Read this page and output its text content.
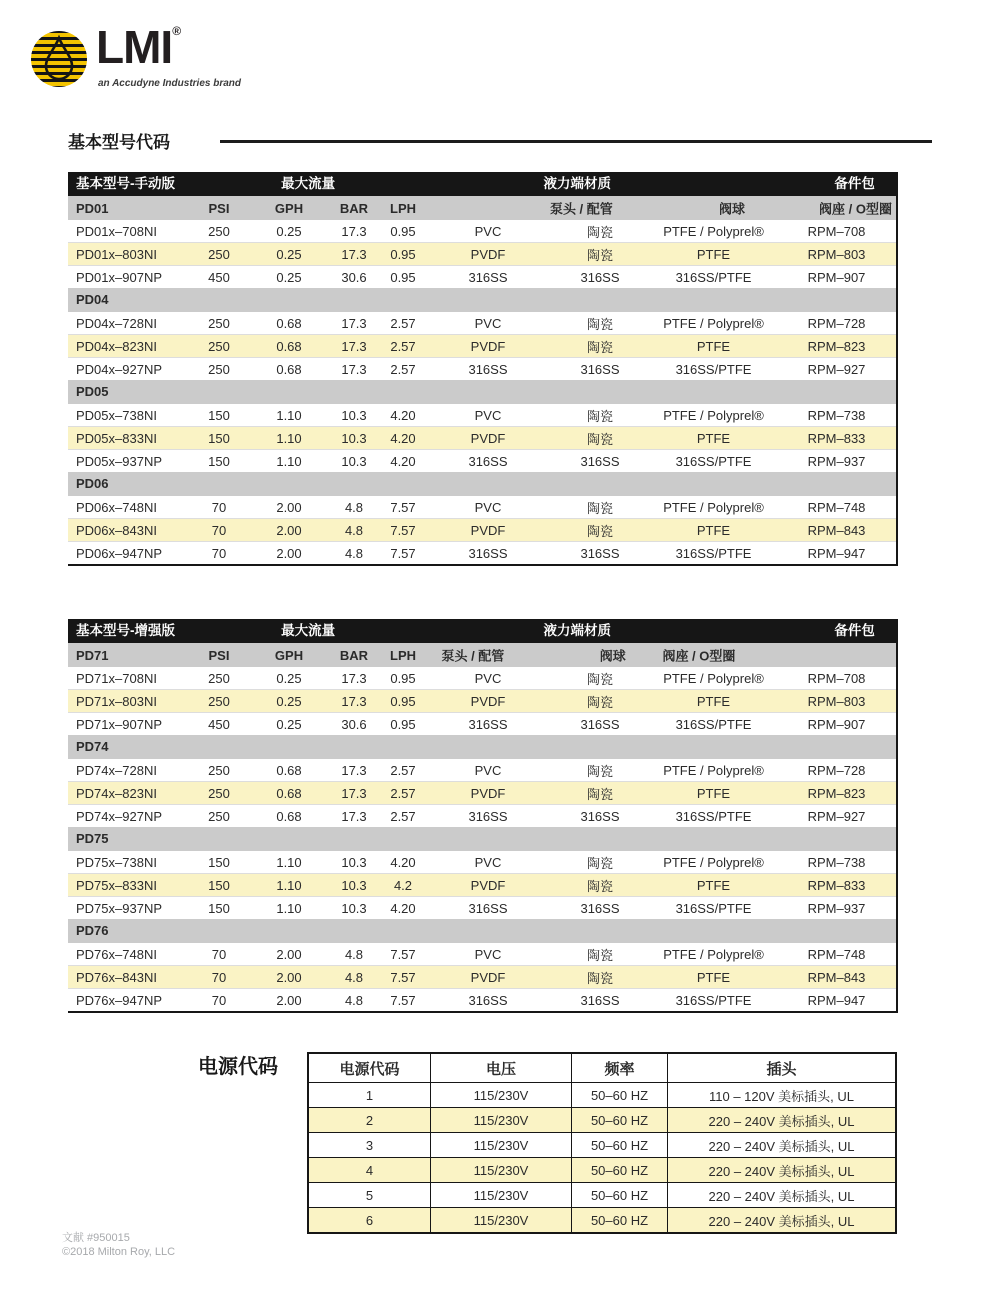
LMI®
an Accudyne Industries brand
基本型号代码
基本型号-手动版	最大流量	液力端材质	备件包
PD01	PSI	GPH	BAR	LPH	泵头 / 配管	阀球	阀座 / O型圈
PD01x–708NI	250	0.25	17.3	0.95	PVC	陶瓷	PTFE / Polyprel®	RPM–708
PD01x–803NI	250	0.25	17.3	0.95	PVDF	陶瓷	PTFE	RPM–803
PD01x–907NP	450	0.25	30.6	0.95	316SS	316SS	316SS/PTFE	RPM–907
PD04
PD04x–728NI	250	0.68	17.3	2.57	PVC	陶瓷	PTFE / Polyprel®	RPM–728
PD04x–823NI	250	0.68	17.3	2.57	PVDF	陶瓷	PTFE	RPM–823
PD04x–927NP	250	0.68	17.3	2.57	316SS	316SS	316SS/PTFE	RPM–927
PD05
PD05x–738NI	150	1.10	10.3	4.20	PVC	陶瓷	PTFE / Polyprel®	RPM–738
PD05x–833NI	150	1.10	10.3	4.20	PVDF	陶瓷	PTFE	RPM–833
PD05x–937NP	150	1.10	10.3	4.20	316SS	316SS	316SS/PTFE	RPM–937
PD06
PD06x–748NI	70	2.00	4.8	7.57	PVC	陶瓷	PTFE / Polyprel®	RPM–748
PD06x–843NI	70	2.00	4.8	7.57	PVDF	陶瓷	PTFE	RPM–843
PD06x–947NP	70	2.00	4.8	7.57	316SS	316SS	316SS/PTFE	RPM–947
基本型号-增强版	最大流量	液力端材质	备件包
PD71	PSI	GPH	BAR	LPH	泵头 / 配管	阀球	阀座 / O型圈
PD71x–708NI	250	0.25	17.3	0.95	PVC	陶瓷	PTFE / Polyprel®	RPM–708
PD71x–803NI	250	0.25	17.3	0.95	PVDF	陶瓷	PTFE	RPM–803
PD71x–907NP	450	0.25	30.6	0.95	316SS	316SS	316SS/PTFE	RPM–907
PD74
PD74x–728NI	250	0.68	17.3	2.57	PVC	陶瓷	PTFE / Polyprel®	RPM–728
PD74x–823NI	250	0.68	17.3	2.57	PVDF	陶瓷	PTFE	RPM–823
PD74x–927NP	250	0.68	17.3	2.57	316SS	316SS	316SS/PTFE	RPM–927
PD75
PD75x–738NI	150	1.10	10.3	4.20	PVC	陶瓷	PTFE / Polyprel®	RPM–738
PD75x–833NI	150	1.10	10.3	4.2	PVDF	陶瓷	PTFE	RPM–833
PD75x–937NP	150	1.10	10.3	4.20	316SS	316SS	316SS/PTFE	RPM–937
PD76
PD76x–748NI	70	2.00	4.8	7.57	PVC	陶瓷	PTFE / Polyprel®	RPM–748
PD76x–843NI	70	2.00	4.8	7.57	PVDF	陶瓷	PTFE	RPM–843
PD76x–947NP	70	2.00	4.8	7.57	316SS	316SS	316SS/PTFE	RPM–947
电源代码	电源代码	电压	频率	插头
1	115/230V	50–60 HZ	110 – 120V 美标插头, UL
2	115/230V	50–60 HZ	220 – 240V 美标插头, UL
3	115/230V	50–60 HZ	220 – 240V 美标插头, UL
4	115/230V	50–60 HZ	220 – 240V 美标插头, UL
5	115/230V	50–60 HZ	220 – 240V 美标插头, UL
6	115/230V	50–60 HZ	220 – 240V 美标插头, UL
文献 #950015
©2018 Milton Roy, LLC
